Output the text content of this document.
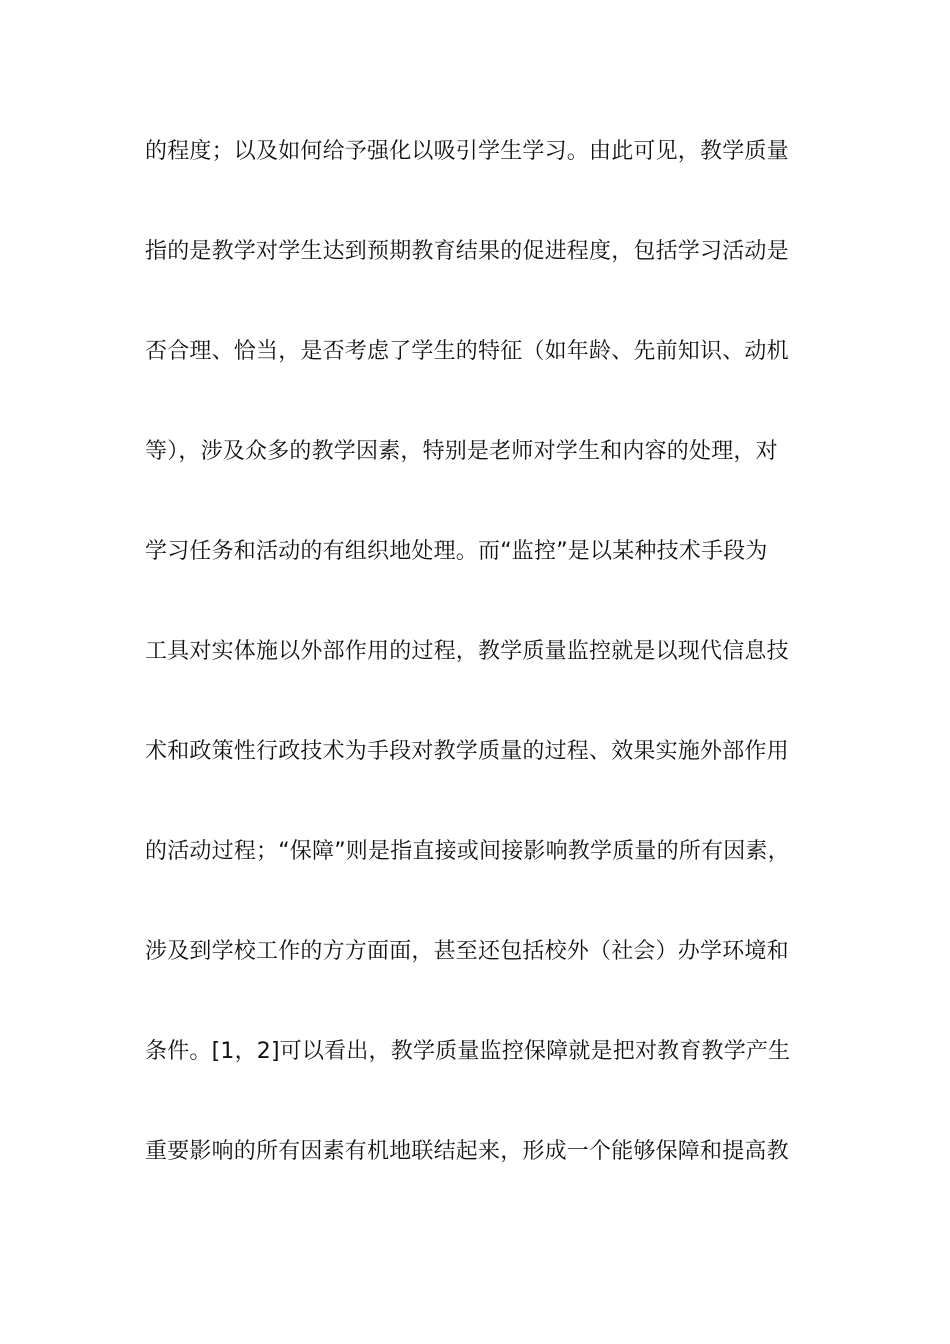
的程度；以及如何给予强化以吸引学生学习。由此可见，教学质量
指的是教学对学生达到预期教育结果的促进程度，包括学习活动是
否合理、恰当，是否考虑了学生的特征（如年龄、先前知识、动机
等），涉及众多的教学因素，特别是老师对学生和内容的处理，对
学习任务和活动的有组织地处理。而“监控”是以某种技术手段为
工具对实体施以外部作用的过程，教学质量监控就是以现代信息技
术和政策性行政技术为手段对教学质量的过程、效果实施外部作用
的活动过程；“保障”则是指直接或间接影响教学质量的所有因素，
涉及到学校工作的方方面面，甚至还包括校外（社会）办学环境和
条件。[1，2]可以看出，教学质量监控保障就是把对教育教学产生
重要影响的所有因素有机地联结起来，形成一个能够保障和提高教
